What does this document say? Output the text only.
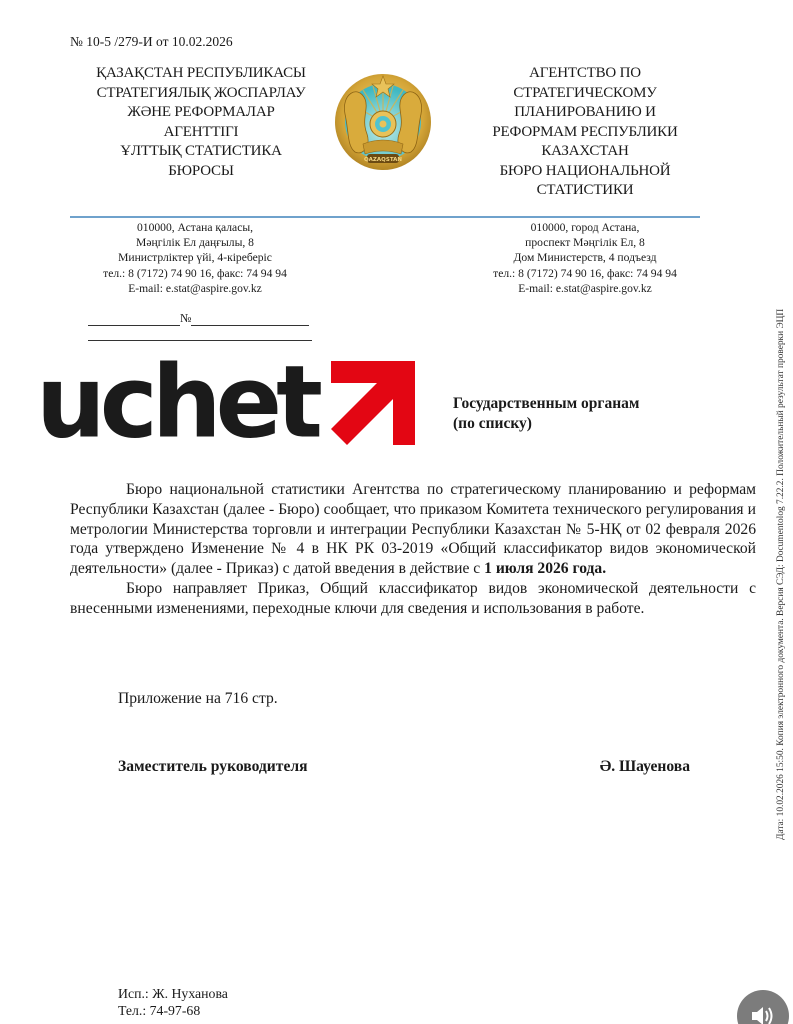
№ 10-5 /279-И от 10.02.2026
ҚАЗАҚСТАН РЕСПУБЛИКАСЫ
СТРАТЕГИЯЛЫҚ ЖОСПАРЛАУ
ЖӘНЕ РЕФОРМАЛАР
АГЕНТТІГІ
ҰЛТТЫҚ СТАТИСТИКА
БЮРОСЫ
QAZAQSTAN
АГЕНТСТВО ПО
СТРАТЕГИЧЕСКОМУ
ПЛАНИРОВАНИЮ И
РЕФОРМАМ РЕСПУБЛИКИ
КАЗАХСТАН
БЮРО НАЦИОНАЛЬНОЙ
СТАТИСТИКИ
010000, Астана қаласы,
Мәңгілік Ел даңғылы, 8
Министрліктер үйі, 4-кіреберіс
тел.: 8 (7172) 74 90 16, факс: 74 94 94
E-mail: e.stat@aspire.gov.kz
010000, город Астана,
проспект Мәңгілік Ел, 8
Дом Министерств, 4 подъезд
тел.: 8 (7172) 74 90 16, факс: 74 94 94
E-mail: e.stat@aspire.gov.kz
№
uchet	Государственным органам
(по списку)

Бюро национальной статистики Агентства по стратегическому планированию и реформам Республики Казахстан (далее - Бюро) сообщает, что приказом Комитета технического регулирования и метрологии Министерства торговли и интеграции Республики Казахстан № 5-НҚ от 02 февраля 2026 года утверждено Изменение № 4 в НК РК 03-2019 «Общий классификатор видов экономической деятельности» (далее - Приказ) с датой введения в действие с 1 июля 2026 года.

Бюро направляет Приказ, Общий классификатор видов экономической деятельности с внесенными изменениями, переходные ключи для сведения и использования в работе.

Приложение на 716 стр.
Заместитель руководителя	Ә. Шауенова
Исп.: Ж. Нуханова
Тел.: 74-97-68
Дата: 10.02.2026 15:50. Копия электронного документа. Версия СЭД: Documentolog 7.22.2. Положительный результат проверки ЭЦП
